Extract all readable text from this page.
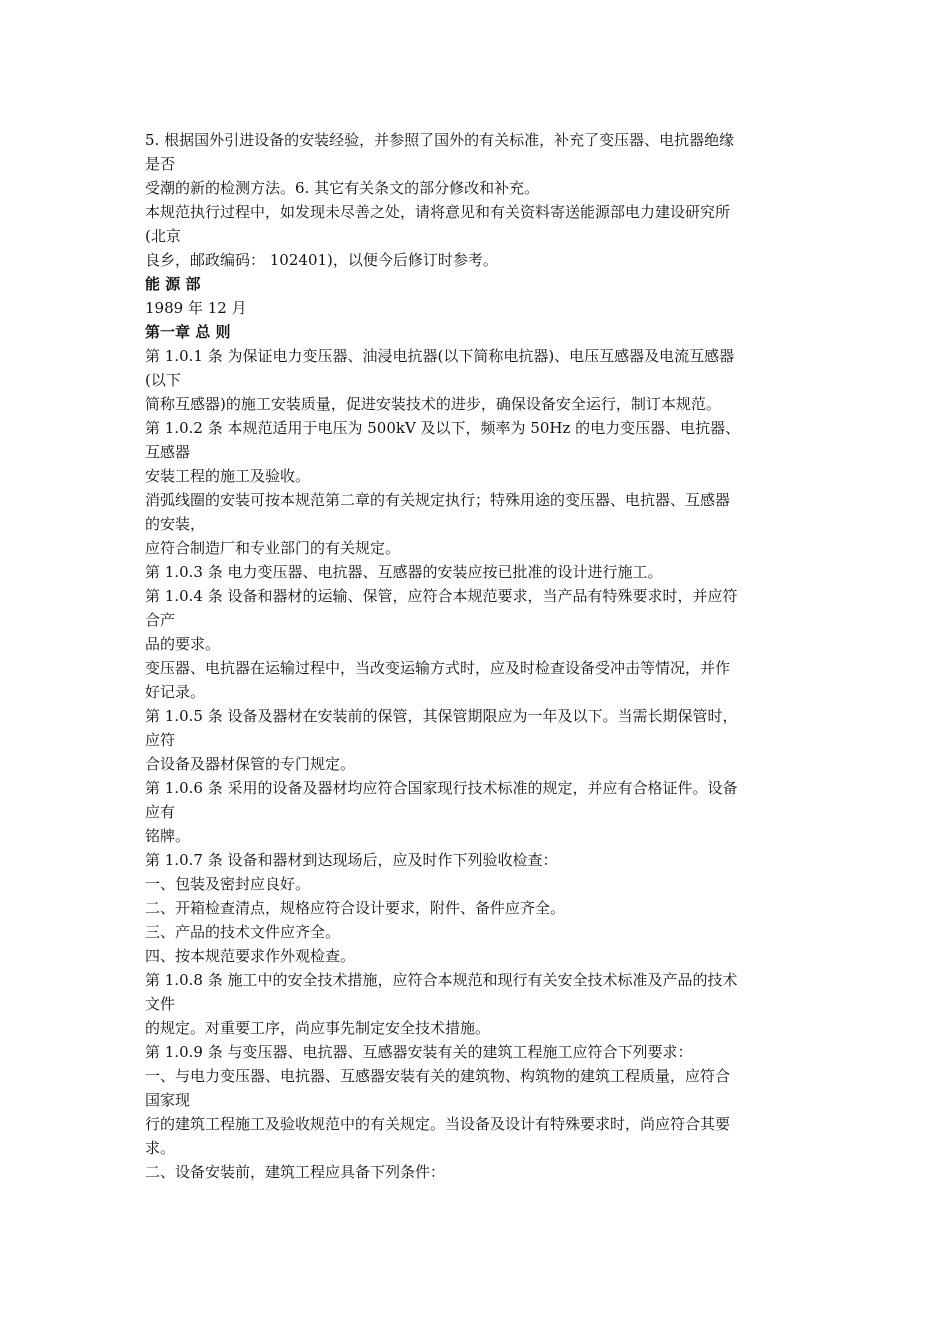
5. 根据国外引进设备的安装经验，并参照了国外的有关标准，补充了变压器、电抗器绝缘
是否
受潮的新的检测方法。6. 其它有关条文的部分修改和补充。
本规范执行过程中，如发现未尽善之处，请将意见和有关资料寄送能源部电力建设研究所
(北京
良乡，邮政编码： 102401)，以便今后修订时参考。
能 源 部
1989 年 12 月
第一章 总 则
第 1.0.1 条 为保证电力变压器、油浸电抗器(以下简称电抗器)、电压互感器及电流互感器
(以下
简称互感器)的施工安装质量，促进安装技术的进步，确保设备安全运行，制订本规范。
第 1.0.2 条 本规范适用于电压为 500kV 及以下，频率为 50Hz 的电力变压器、电抗器、
互感器
安装工程的施工及验收。
消弧线圈的安装可按本规范第二章的有关规定执行；特殊用途的变压器、电抗器、互感器
的安装，
应符合制造厂和专业部门的有关规定。
第 1.0.3 条 电力变压器、电抗器、互感器的安装应按已批准的设计进行施工。
第 1.0.4 条 设备和器材的运输、保管，应符合本规范要求，当产品有特殊要求时，并应符
合产
品的要求。
变压器、电抗器在运输过程中，当改变运输方式时，应及时检查设备受冲击等情况，并作
好记录。
第 1.0.5 条 设备及器材在安装前的保管，其保管期限应为一年及以下。当需长期保管时，
应符
合设备及器材保管的专门规定。
第 1.0.6 条 采用的设备及器材均应符合国家现行技术标准的规定，并应有合格证件。设备
应有
铭牌。
第 1.0.7 条 设备和器材到达现场后，应及时作下列验收检查：
一、包装及密封应良好。
二、开箱检查清点，规格应符合设计要求，附件、备件应齐全。
三、产品的技术文件应齐全。
四、按本规范要求作外观检查。
第 1.0.8 条 施工中的安全技术措施，应符合本规范和现行有关安全技术标准及产品的技术
文件
的规定。对重要工序，尚应事先制定安全技术措施。
第 1.0.9 条 与变压器、电抗器、互感器安装有关的建筑工程施工应符合下列要求：
一、与电力变压器、电抗器、互感器安装有关的建筑物、构筑物的建筑工程质量，应符合
国家现
行的建筑工程施工及验收规范中的有关规定。当设备及设计有特殊要求时，尚应符合其要
求。
二、设备安装前，建筑工程应具备下列条件：
